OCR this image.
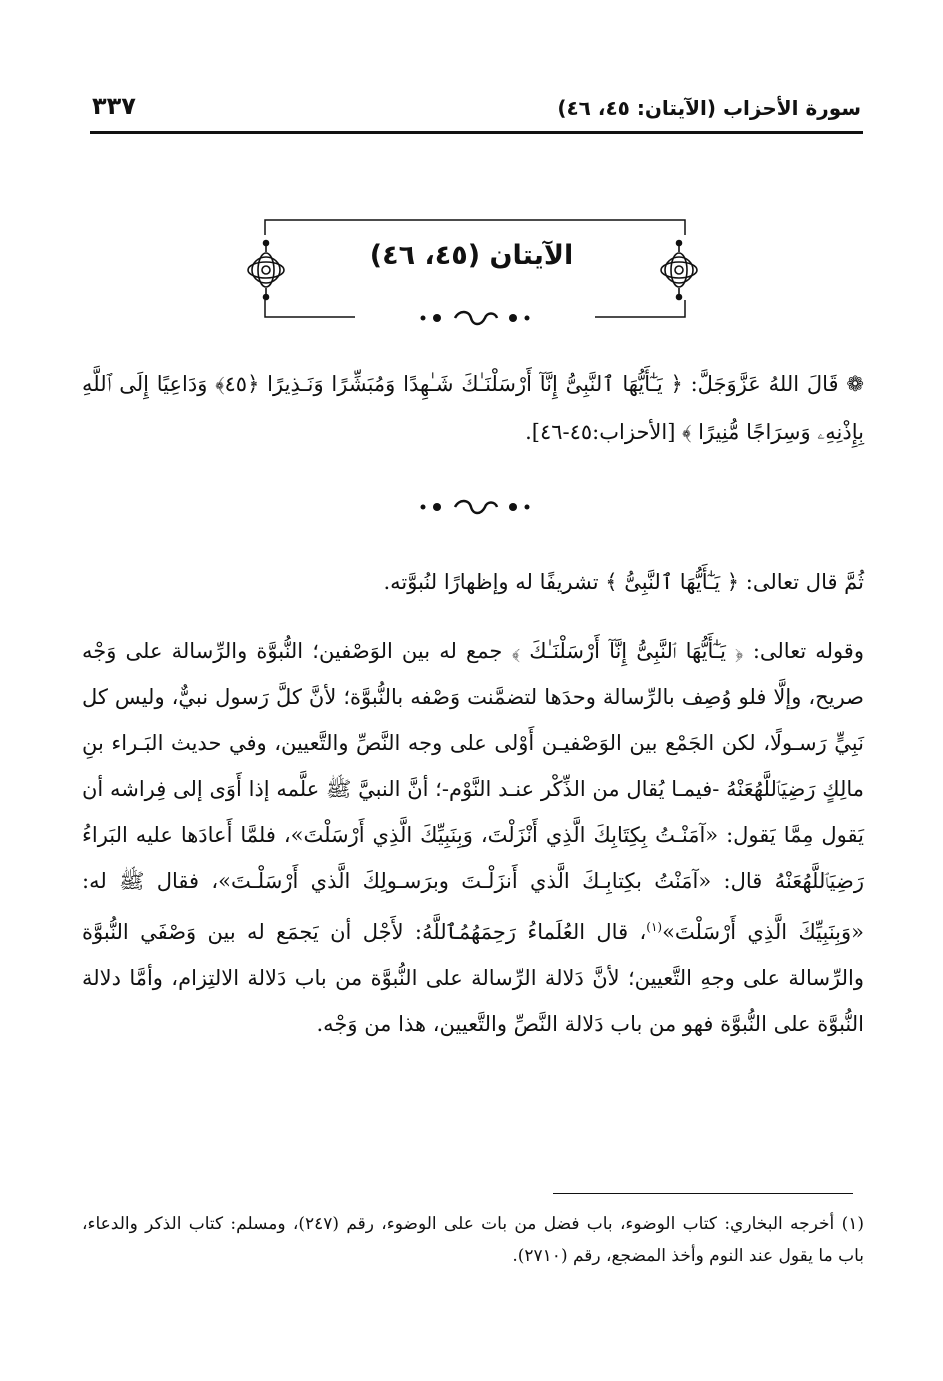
سورة الأحزاب (الآيتان: ٤٥، ٤٦)
٣٣٧
الآيتان (٤٥، ٤٦)
❁ قَالَ اللهُ عَزَّوَجَلَّ: ﴿ يَـٰٓأَيُّهَا ٱلنَّبِىُّ إِنَّآ أَرْسَلْنَـٰكَ شَـٰهِدًا وَمُبَشِّرًا وَنَـذِيرًا ﴿٤٥﴾ وَدَاعِيًا إِلَى ٱللَّهِ بِإِذْنِهِۦ وَسِرَاجًا مُّنِيرًا ﴾ [الأحزاب:٤٥-٤٦].
ثُمَّ قال تعالى: ﴿ يَـٰٓأَيُّهَا ٱلنَّبِىُّ ﴾ تشريفًا له وإظهارًا لنُبوَّته.
وقوله تعالى: ﴿ يَـٰٓأَيُّهَا ٱلنَّبِىُّ إِنَّآ أَرْسَلْنَـٰكَ ﴾ جمع له بين الوَصْفين؛ النُّبوَّة والرِّسالة على وَجْه صريح، وإلَّا فلو وُصِف بالرِّسالة وحدَها لتضمَّنت وَصْفه بالنُّبوَّة؛ لأنَّ كلَّ رَسول نبيٌّ، وليس كل نَبِيٍّ رَسـولًا، لكن الجَمْع بين الوَصْفيـن أَوْلى على وجه النَّصِّ والتَّعيين، وفي حديث البَـراء بنِ مالِكٍ رَضِيَٱللَّهُعَنْهُ -فيمـا يُقال من الذِّكْر عنـد النَّوْم-؛ أنَّ النبيَّ ﷺ علَّمه إذا أَوَى إلى فِراشه أن يَقول مِمَّا يَقول: «آمَنْـتُ بِكِتَابِكَ الَّذِي أَنْزَلْتَ، وَبِنَبِيِّكَ الَّذِي أَرْسَلْتَ»، فلمَّا أَعادَها عليه البَراءُ رَضِيَٱللَّهُعَنْهُ قال: «آمَنْتُ بكِتابِـكَ الَّذي أَنزَلْـتَ وبرَسـولِكَ الَّذي أَرْسَلْـتَ»، فقال ﷺ له: «وَبِنَبِيِّكَ الَّذِي أَرْسَلْتَ»$^{(١)}$، قال العُلَماءُ رَحِمَهُمُٱللَّهُ: لأَجْل أن يَجمَع له بين وَصْفَي النُّبوَّة والرِّسالة على وجهِ التَّعيين؛ لأنَّ دَلالة الرِّسالة على النُّبوَّة من باب دَلالة الالتِزام، وأمَّا دلالة النُّبوَّة على النُّبوَّة فهو من باب دَلالة النَّصِّ والتَّعيين، هذا من وَجْه.
(١) أخرجه البخاري: كتاب الوضوء، باب فضل من بات على الوضوء، رقم (٢٤٧)، ومسلم: كتاب الذكر والدعاء، باب ما يقول عند النوم وأخذ المضجع، رقم (٢٧١٠).
